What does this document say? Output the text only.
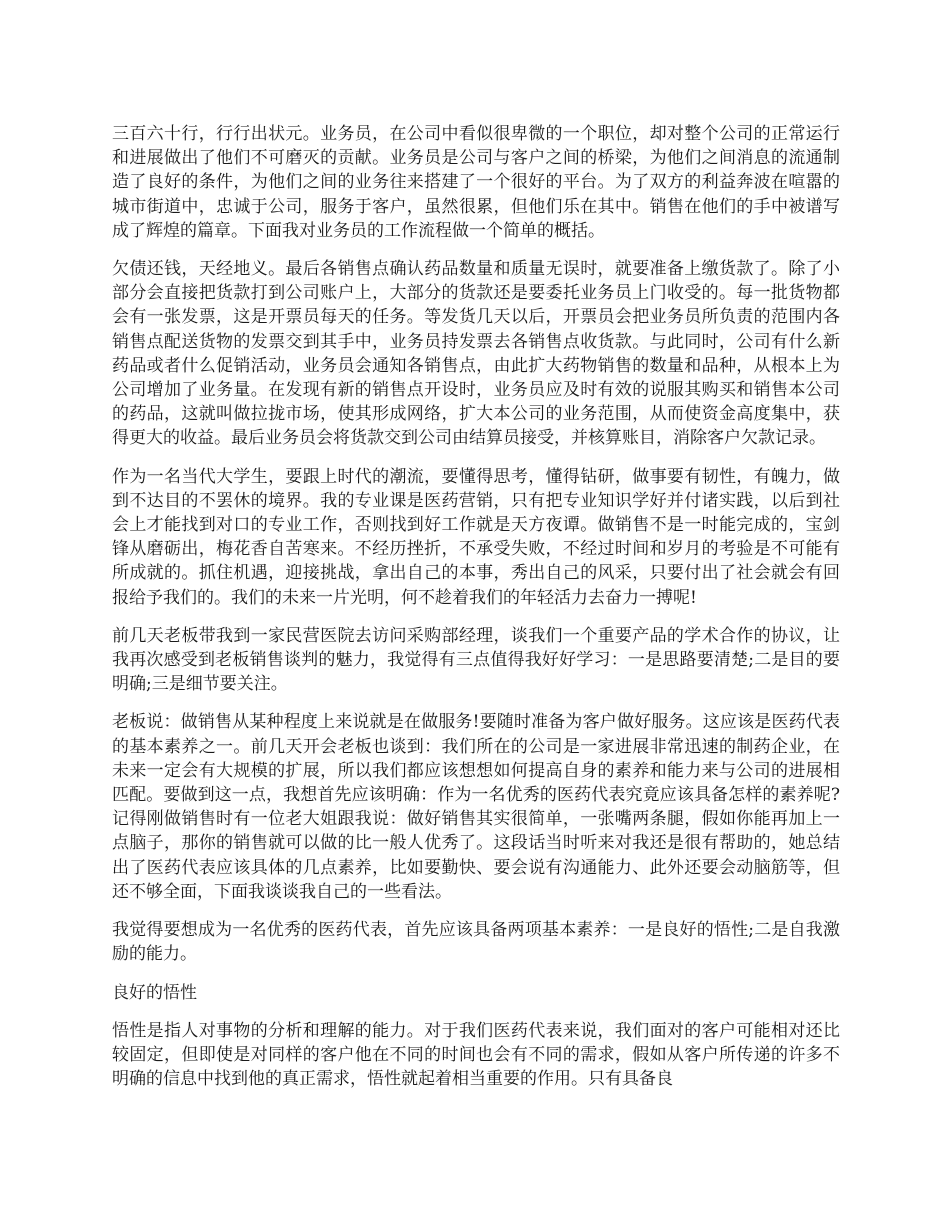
三百六十行，行行出状元。业务员，在公司中看似很卑微的一个职位，却对整个公司的正常运行和进展做出了他们不可磨灭的贡献。业务员是公司与客户之间的桥梁，为他们之间消息的流通制造了良好的条件，为他们之间的业务往来搭建了一个很好的平台。为了双方的利益奔波在喧嚣的城市街道中，忠诚于公司，服务于客户，虽然很累，但他们乐在其中。销售在他们的手中被谱写成了辉煌的篇章。下面我对业务员的工作流程做一个简单的概括。

欠债还钱，天经地义。最后各销售点确认药品数量和质量无误时，就要准备上缴货款了。除了小部分会直接把货款打到公司账户上，大部分的货款还是要委托业务员上门收受的。每一批货物都会有一张发票，这是开票员每天的任务。等发货几天以后，开票员会把业务员所负责的范围内各销售点配送货物的发票交到其手中，业务员持发票去各销售点收货款。与此同时，公司有什么新药品或者什么促销活动，业务员会通知各销售点，由此扩大药物销售的数量和品种，从根本上为公司增加了业务量。在发现有新的销售点开设时，业务员应及时有效的说服其购买和销售本公司的药品，这就叫做拉拢市场，使其形成网络，扩大本公司的业务范围，从而使资金高度集中，获得更大的收益。最后业务员会将货款交到公司由结算员接受，并核算账目，消除客户欠款记录。

作为一名当代大学生，要跟上时代的潮流，要懂得思考，懂得钻研，做事要有韧性，有魄力，做到不达目的不罢休的境界。我的专业课是医药营销，只有把专业知识学好并付诸实践，以后到社会上才能找到对口的专业工作，否则找到好工作就是天方夜谭。做销售不是一时能完成的，宝剑锋从磨砺出，梅花香自苦寒来。不经历挫折，不承受失败，不经过时间和岁月的考验是不可能有所成就的。抓住机遇，迎接挑战，拿出自己的本事，秀出自己的风采，只要付出了社会就会有回报给予我们的。我们的未来一片光明，何不趁着我们的年轻活力去奋力一搏呢!

前几天老板带我到一家民营医院去访问采购部经理，谈我们一个重要产品的学术合作的协议，让我再次感受到老板销售谈判的魅力，我觉得有三点值得我好好学习：一是思路要清楚;二是目的要明确;三是细节要关注。

老板说：做销售从某种程度上来说就是在做服务!要随时准备为客户做好服务。这应该是医药代表的基本素养之一。前几天开会老板也谈到：我们所在的公司是一家进展非常迅速的制药企业，在未来一定会有大规模的扩展，所以我们都应该想想如何提高自身的素养和能力来与公司的进展相匹配。要做到这一点，我想首先应该明确：作为一名优秀的医药代表究竟应该具备怎样的素养呢?记得刚做销售时有一位老大姐跟我说：做好销售其实很简单，一张嘴两条腿，假如你能再加上一点脑子，那你的销售就可以做的比一般人优秀了。这段话当时听来对我还是很有帮助的，她总结出了医药代表应该具体的几点素养，比如要勤快、要会说有沟通能力、此外还要会动脑筋等，但还不够全面，下面我谈谈我自己的一些看法。

我觉得要想成为一名优秀的医药代表，首先应该具备两项基本素养：一是良好的悟性;二是自我激励的能力。

良好的悟性

悟性是指人对事物的分析和理解的能力。对于我们医药代表来说，我们面对的客户可能相对还比较固定，但即使是对同样的客户他在不同的时间也会有不同的需求，假如从客户所传递的许多不明确的信息中找到他的真正需求，悟性就起着相当重要的作用。只有具备良
